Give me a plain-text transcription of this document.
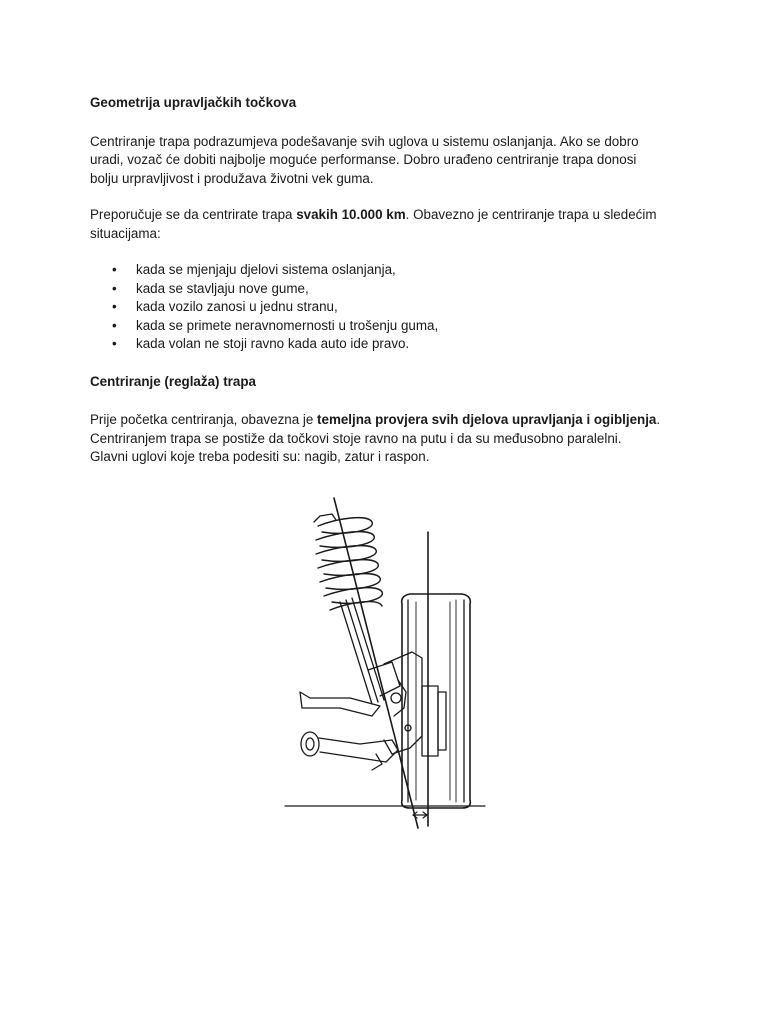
Geometrija upravljačkih točkova

Centriranje trapa podrazumjeva podešavanje svih uglova u sistemu oslanjanja. Ako se dobro
uradi, vozač će dobiti najbolje moguće performanse. Dobro urađeno centriranje trapa donosi
bolju urpravljivost i produžava životni vek guma.

Preporučuje se da centrirate trapa svakih 10.000 km. Obavezno je centriranje trapa u sledećim
situacijama:

• kada se mjenjaju djelovi sistema oslanjanja,
• kada se stavljaju nove gume,
• kada vozilo zanosi u jednu stranu,
• kada se primete neravnomernosti u trošenju guma,
• kada volan ne stoji ravno kada auto ide pravo.
Centriranje (reglaža) trapa

Prije početka centriranja, obavezna je temeljna provjera svih djelova upravljanja i ogibljenja.
Centriranjem trapa se postiže da točkovi stoje ravno na putu i da su međusobno paralelni.
Glavni uglovi koje treba podesiti su: nagib, zatur i raspon.
